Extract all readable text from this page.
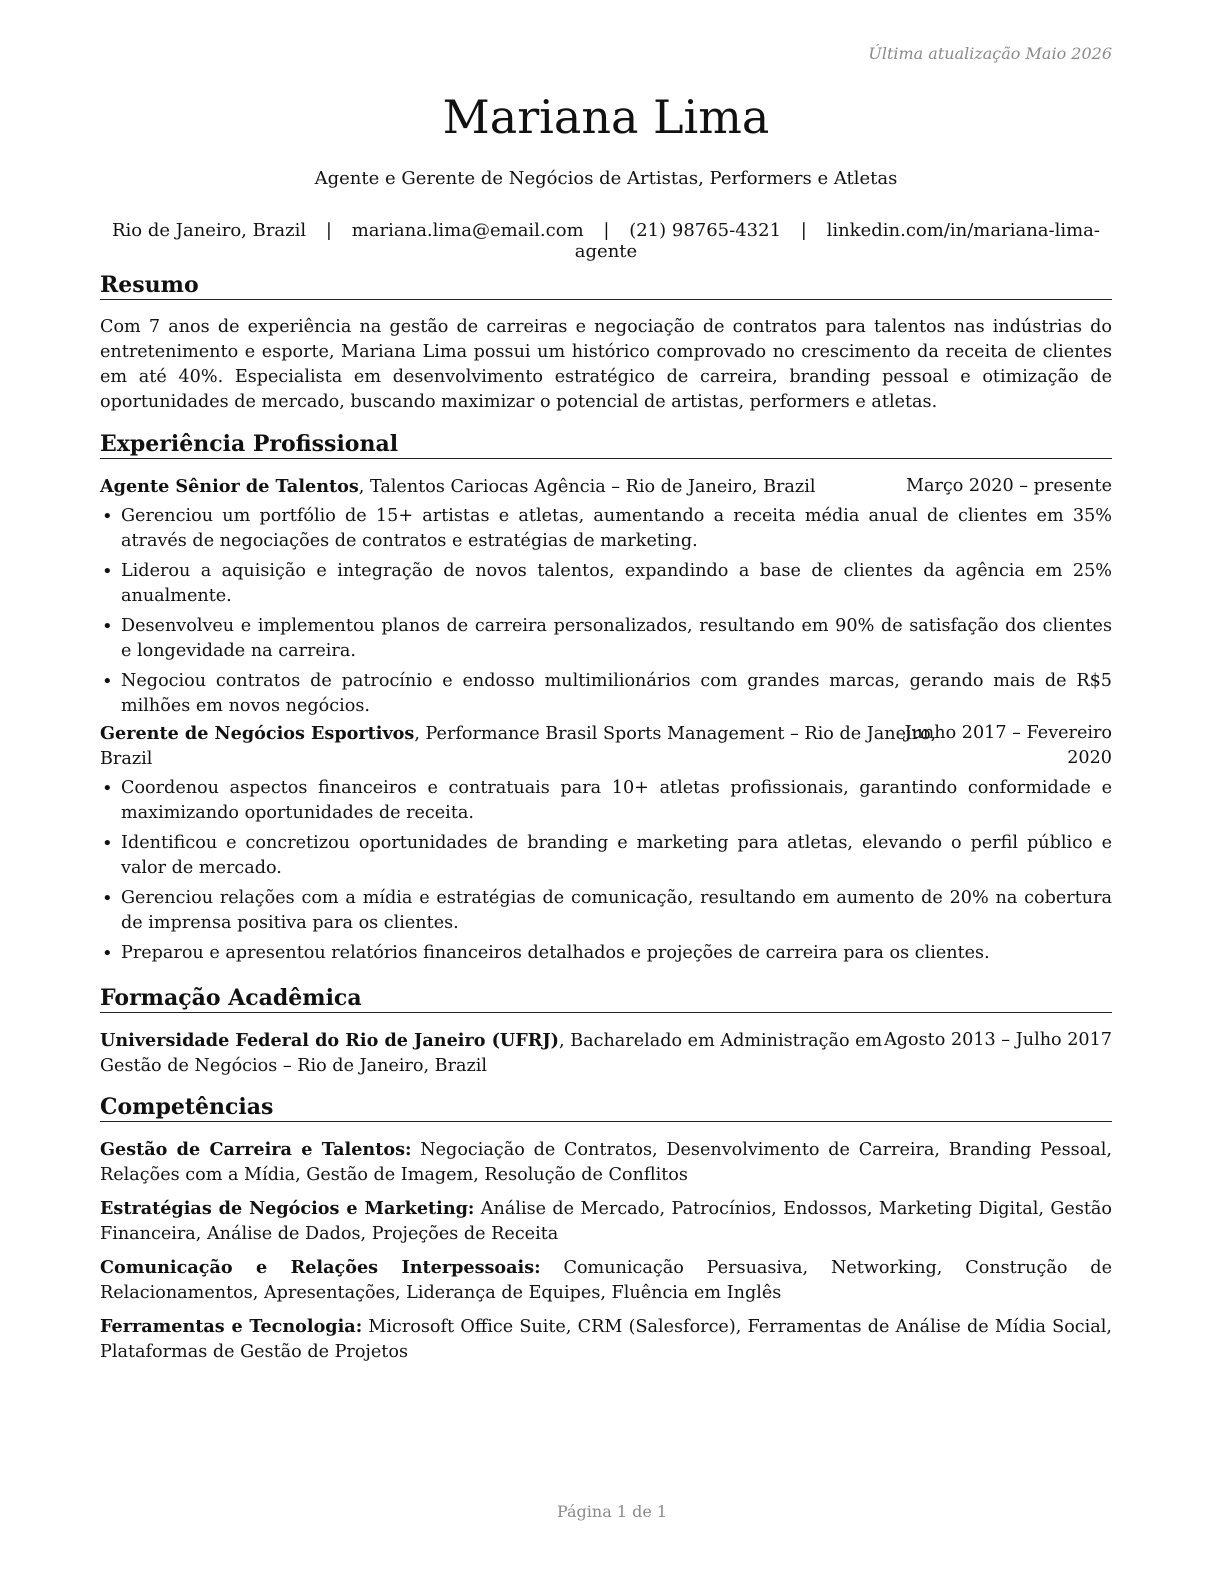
Última atualização Maio 2026
Mariana Lima
Agente e Gerente de Negócios de Artistas, Performers e Atletas
Rio de Janeiro, Brazil | mariana.lima@email.com | (21) 98765-4321 | linkedin.com/in/mariana-lima-agente
Resumo
Com 7 anos de experiência na gestão de carreiras e negociação de contratos para talentos nas indústrias do entretenimento e esporte, Mariana Lima possui um histórico comprovado no crescimento da receita de clientes em até 40%. Especialista em desenvolvimento estratégico de carreira, branding pessoal e otimização de oportunidades de mercado, buscando maximizar o potencial de artistas, performers e atletas.
Experiência Profissional
Agente Sênior de Talentos, Talentos Cariocas Agência – Rio de Janeiro, Brazil	Março 2020 – presente
• Gerenciou um portfólio de 15+ artistas e atletas, aumentando a receita média anual de clientes em 35% através de negociações de contratos e estratégias de marketing.
• Liderou a aquisição e integração de novos talentos, expandindo a base de clientes da agência em 25% anualmente.
• Desenvolveu e implementou planos de carreira personalizados, resultando em 90% de satisfação dos clientes e longevidade na carreira.
• Negociou contratos de patrocínio e endosso multimilionários com grandes marcas, gerando mais de R$5 milhões em novos negócios.
Gerente de Negócios Esportivos, Performance Brasil Sports Management – Rio de Janeiro,
Brazil
Junho 2017 – Fevereiro
2020
• Coordenou aspectos financeiros e contratuais para 10+ atletas profissionais, garantindo conformidade e maximizando oportunidades de receita.
• Identificou e concretizou oportunidades de branding e marketing para atletas, elevando o perfil público e valor de mercado.
• Gerenciou relações com a mídia e estratégias de comunicação, resultando em aumento de 20% na cobertura de imprensa positiva para os clientes.
• Preparou e apresentou relatórios financeiros detalhados e projeções de carreira para os clientes.
Formação Acadêmica
Universidade Federal do Rio de Janeiro (UFRJ), Bacharelado em Administração em
Gestão de Negócios – Rio de Janeiro, Brazil
Agosto 2013 – Julho 2017
Competências
Gestão de Carreira e Talentos: Negociação de Contratos, Desenvolvimento de Carreira, Branding Pessoal, Relações com a Mídia, Gestão de Imagem, Resolução de Conflitos
Estratégias de Negócios e Marketing: Análise de Mercado, Patrocínios, Endossos, Marketing Digital, Gestão Financeira, Análise de Dados, Projeções de Receita
Comunicação e Relações Interpessoais: Comunicação Persuasiva, Networking, Construção de Relacionamentos, Apresentações, Liderança de Equipes, Fluência em Inglês
Ferramentas e Tecnologia: Microsoft Office Suite, CRM (Salesforce), Ferramentas de Análise de Mídia Social, Plataformas de Gestão de Projetos
Página 1 de 1
